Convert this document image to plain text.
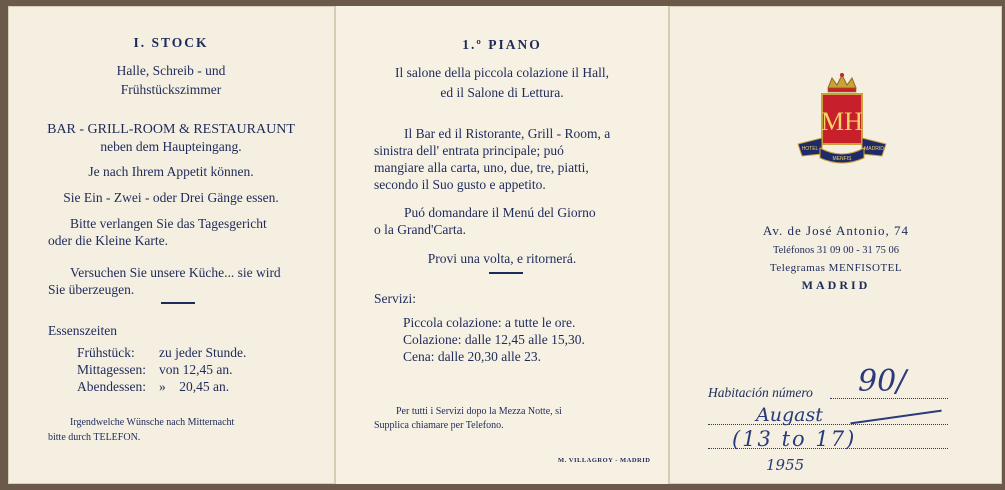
I. STOCK
Halle, Schreib - und
Frühstückszimmer
BAR - GRILL-ROOM & RESTAURAUNT
neben dem Haupteingang.
Je nach Ihrem Appetit können.
Sie Ein - Zwei - oder Drei Gänge essen.
Bitte verlangen Sie das Tagesgericht
oder die Kleine Karte.
Versuchen Sie unsere Küche... sie wird
Sie überzeugen.
Essenszeiten
Frühstück: zu jeder Stunde.
Mittagessen: von 12,45 an.
Abendessen: »    20,45 an.
Irgendwelche Wünsche nach Mitternacht
bitte durch TELEFON.
1.º PIANO
Il salone della piccola colazione il Hall,
ed il Salone di Lettura.
Il Bar ed il Ristorante, Grill - Room, a
sinistra dell' entrata principale; puó
mangiare alla carta, uno, due, tre, piatti,
secondo il Suo gusto e appetito.
Puó domandare il Menú del Giorno
o la Grand'Carta.
Provi una volta, e ritornerá.
Servizi:
Piccola colazione: a tutte le ore.
Colazione: dalle 12,45 alle 15,30.
Cena: dalle 20,30 alle 23.
Per tutti i Servizi dopo la Mezza Notte, si
Supplica chiamare per Telefono.
M. VILLAGROY - MADRID
MH
HOTEL
MENFIS
MADRID
Av. de José Antonio, 74
Teléfonos 31 09 00 - 31 75 06
Telegramas MENFISOTEL
MADRID
Habitación número 90/
Augast
(13 to 17)
1955
